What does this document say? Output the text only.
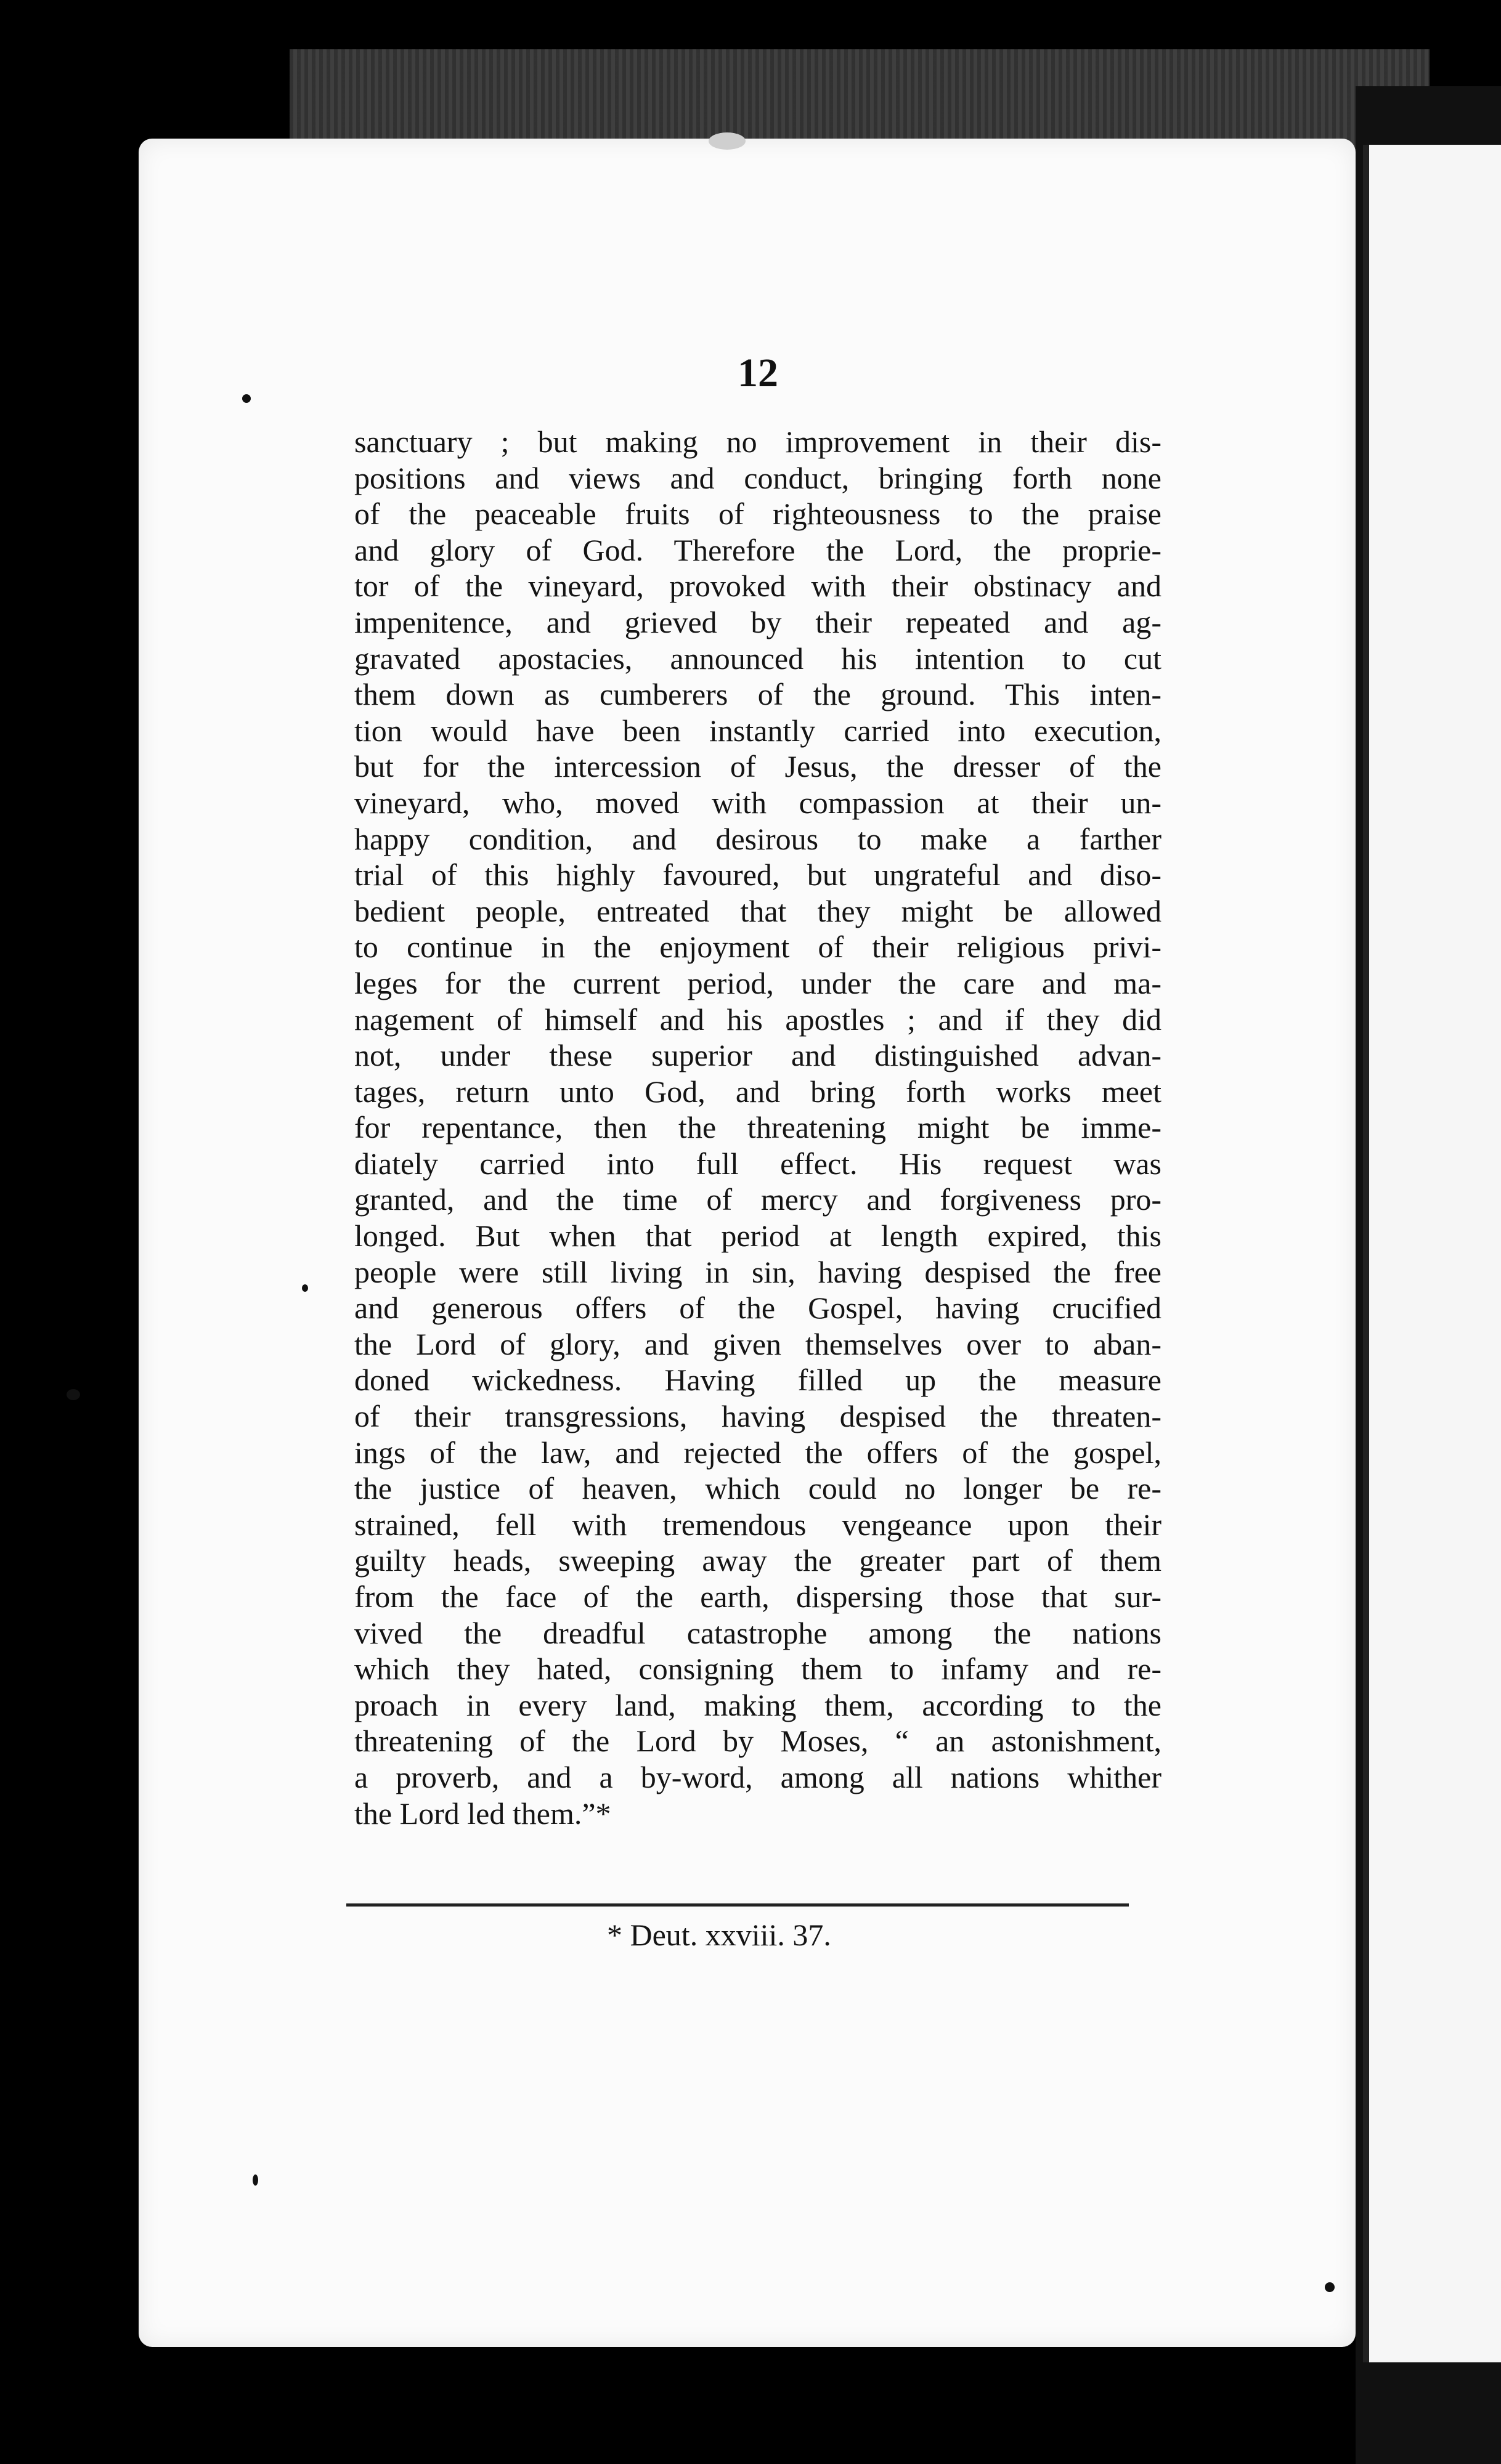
12
sanctuary ; but making no improvement in their dis-
positions and views and conduct, bringing forth none
of the peaceable fruits of righteousness to the praise
and glory of God. Therefore the Lord, the proprie-
tor of the vineyard, provoked with their obstinacy and
impenitence, and grieved by their repeated and ag-
gravated apostacies, announced his intention to cut
them down as cumberers of the ground. This inten-
tion would have been instantly carried into execution,
but for the intercession of Jesus, the dresser of the
vineyard, who, moved with compassion at their un-
happy condition, and desirous to make a farther
trial of this highly favoured, but ungrateful and diso-
bedient people, entreated that they might be allowed
to continue in the enjoyment of their religious privi-
leges for the current period, under the care and ma-
nagement of himself and his apostles ; and if they did
not, under these superior and distinguished advan-
tages, return unto God, and bring forth works meet
for repentance, then the threatening might be imme-
diately carried into full effect. His request was
granted, and the time of mercy and forgiveness pro-
longed. But when that period at length expired, this
people were still living in sin, having despised the free
and generous offers of the Gospel, having crucified
the Lord of glory, and given themselves over to aban-
doned wickedness. Having filled up the measure
of their transgressions, having despised the threaten-
ings of the law, and rejected the offers of the gospel,
the justice of heaven, which could no longer be re-
strained, fell with tremendous vengeance upon their
guilty heads, sweeping away the greater part of them
from the face of the earth, dispersing those that sur-
vived the dreadful catastrophe among the nations
which they hated, consigning them to infamy and re-
proach in every land, making them, according to the
threatening of the Lord by Moses, “ an astonishment,
a proverb, and a by-word, among all nations whither
the Lord led them.”*
* Deut. xxviii. 37.
